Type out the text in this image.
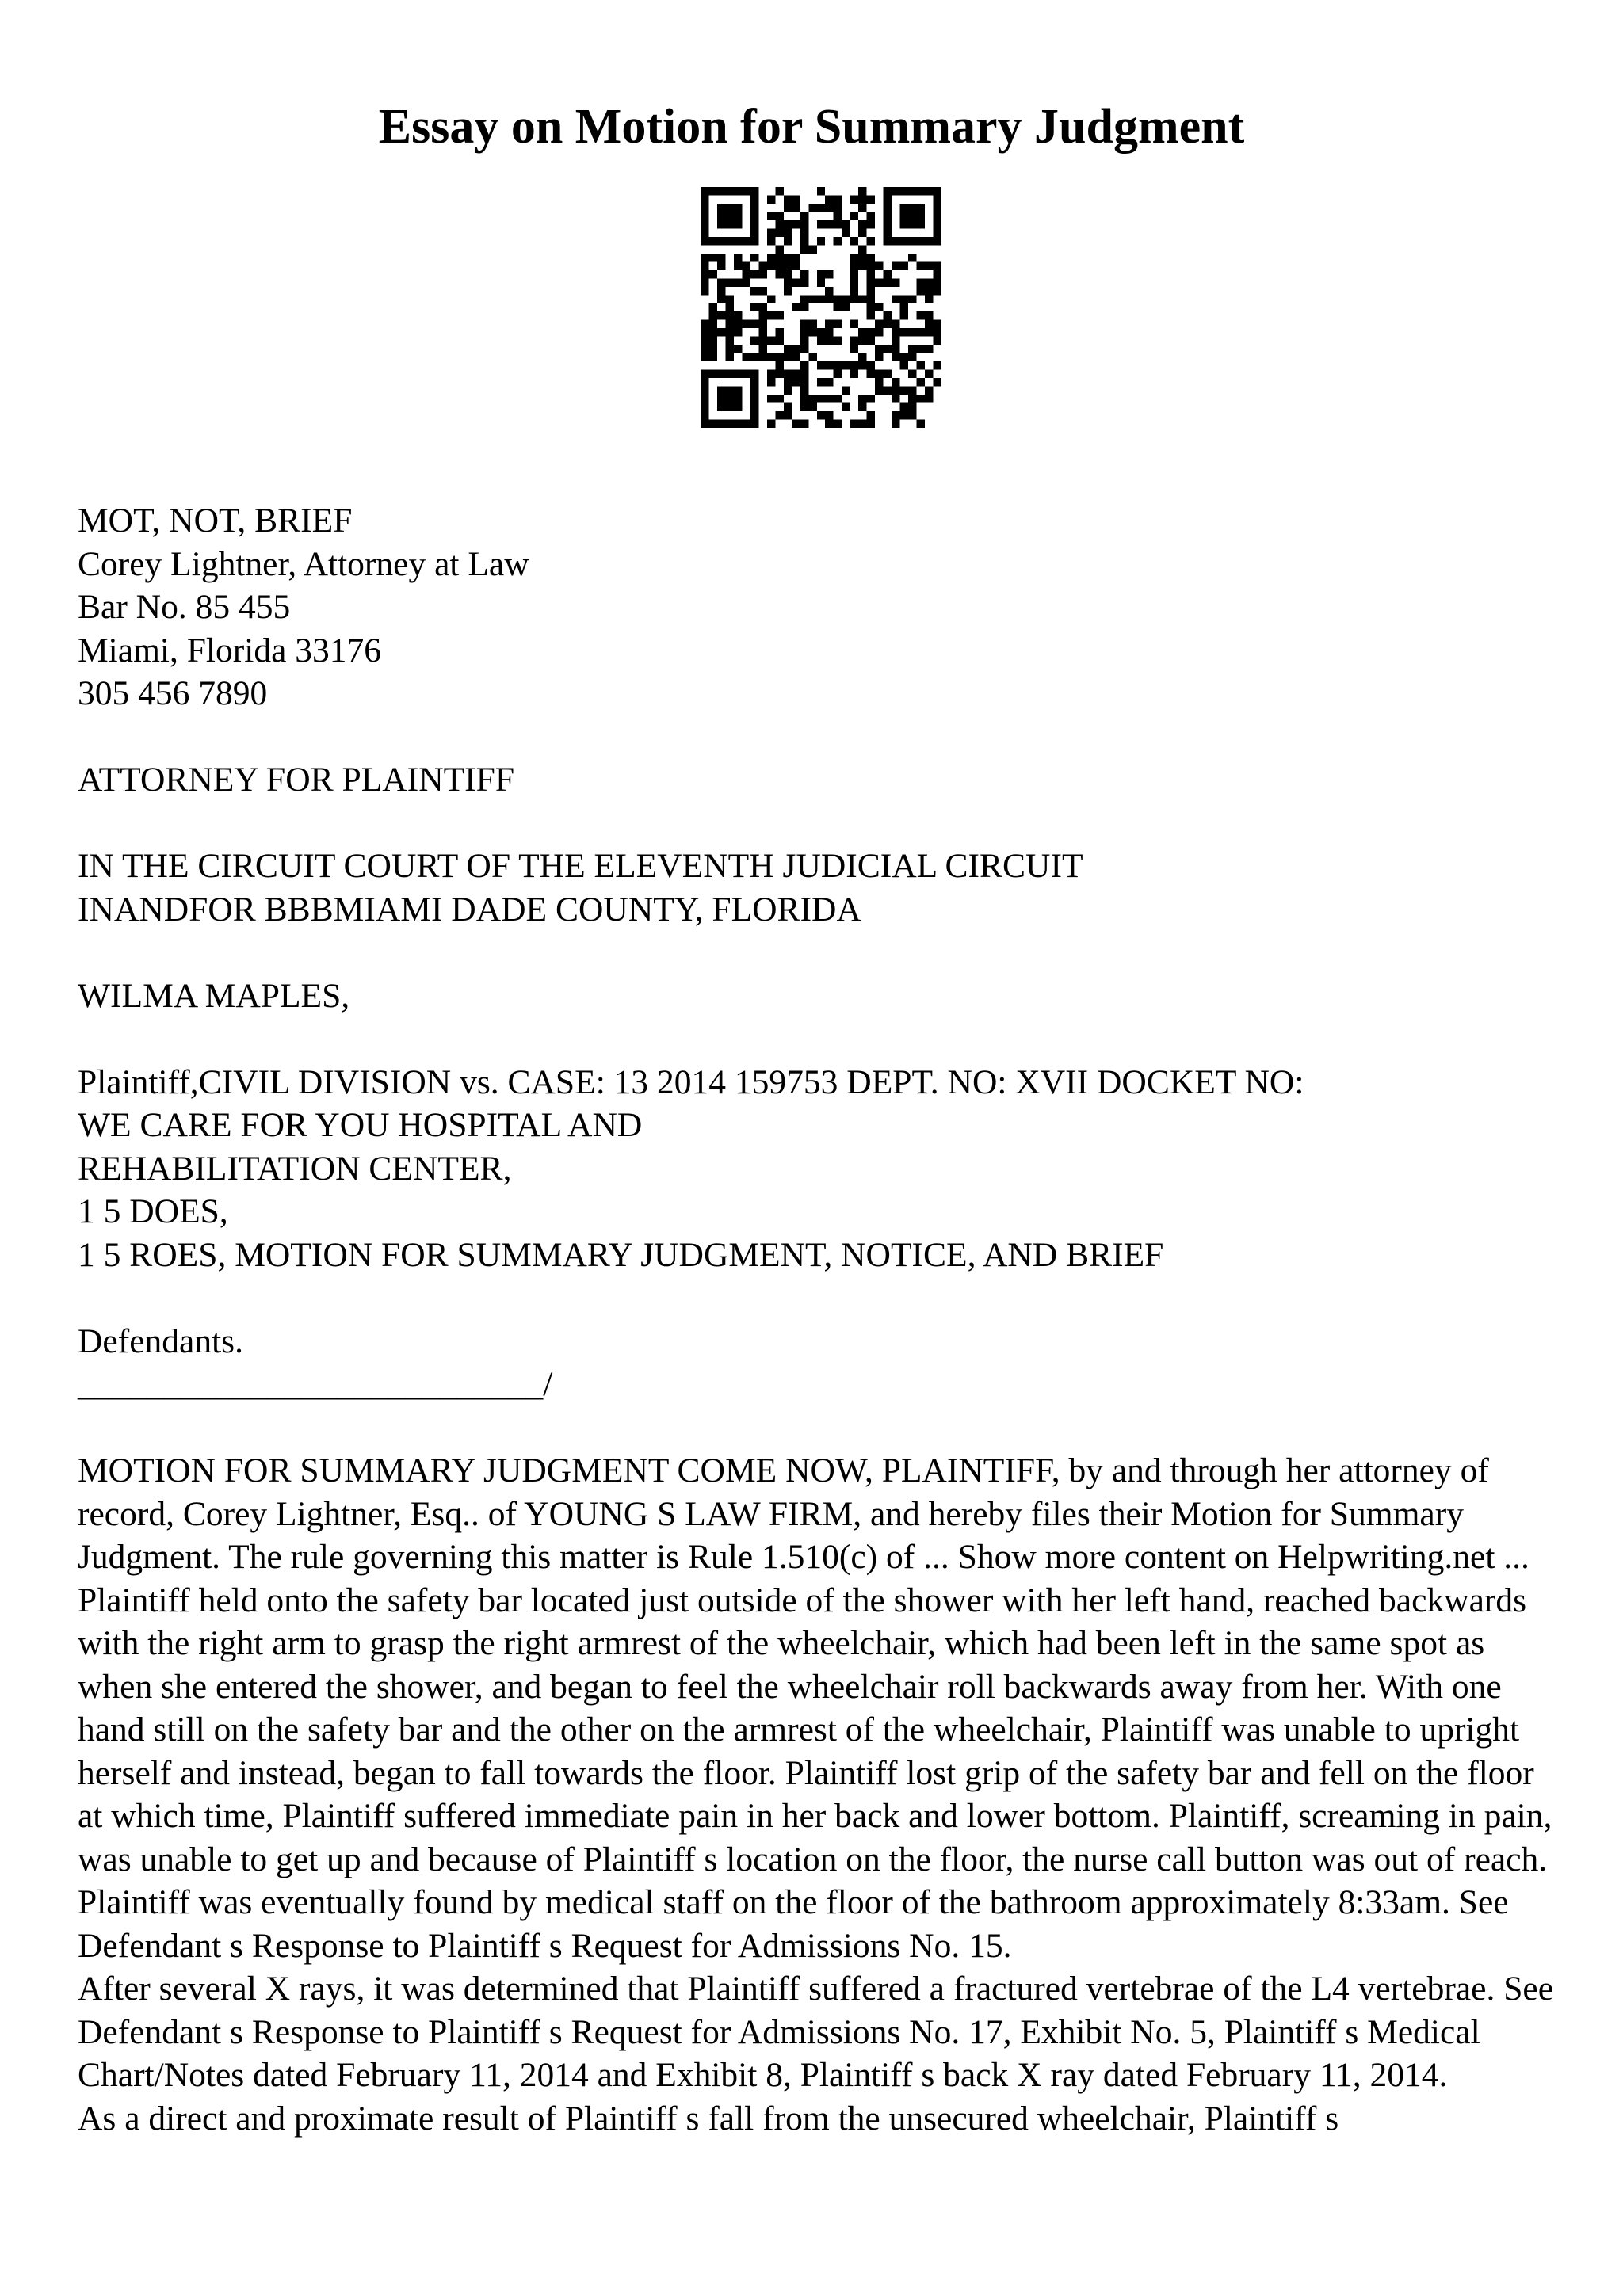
Essay on Motion for Summary Judgment

MOT, NOT, BRIEF

Corey Lightner, Attorney at Law

Bar No. 85 455

Miami, Florida 33176

305 456 7890

ATTORNEY FOR PLAINTIFF

IN THE CIRCUIT COURT OF THE ELEVENTH JUDICIAL CIRCUIT

INANDFOR BBBMIAMI DADE COUNTY, FLORIDA

WILMA MAPLES,

Plaintiff,CIVIL DIVISION vs. CASE: 13 2014 159753 DEPT. NO: XVII DOCKET NO:

WE CARE FOR YOU HOSPITAL AND

REHABILITATION CENTER,

1 5 DOES,

1 5 ROES, MOTION FOR SUMMARY JUDGMENT, NOTICE, AND BRIEF

Defendants.

___________________________/

MOTION FOR SUMMARY JUDGMENT COME NOW, PLAINTIFF, by and through her attorney of record, Corey Lightner, Esq.. of YOUNG S LAW FIRM, and hereby files their Motion for Summary Judgment. The rule governing this matter is Rule 1.510(c) of ... Show more content on Helpwriting.net ...

Plaintiff held onto the safety bar located just outside of the shower with her left hand, reached backwards with the right arm to grasp the right armrest of the wheelchair, which had been left in the same spot as when she entered the shower, and began to feel the wheelchair roll backwards away from her. With one hand still on the safety bar and the other on the armrest of the wheelchair, Plaintiff was unable to upright herself and instead, began to fall towards the floor. Plaintiff lost grip of the safety bar and fell on the floor at which time, Plaintiff suffered immediate pain in her back and lower bottom. Plaintiff, screaming in pain, was unable to get up and because of Plaintiff s location on the floor, the nurse call button was out of reach. Plaintiff was eventually found by medical staff on the floor of the bathroom approximately 8:33am. See Defendant s Response to Plaintiff s Request for Admissions No. 15.

After several X rays, it was determined that Plaintiff suffered a fractured vertebrae of the L4 vertebrae. See Defendant s Response to Plaintiff s Request for Admissions No. 17, Exhibit No. 5, Plaintiff s Medical Chart/Notes dated February 11, 2014 and Exhibit 8, Plaintiff s back X ray dated February 11, 2014.

As a direct and proximate result of Plaintiff s fall from the unsecured wheelchair, Plaintiff s
